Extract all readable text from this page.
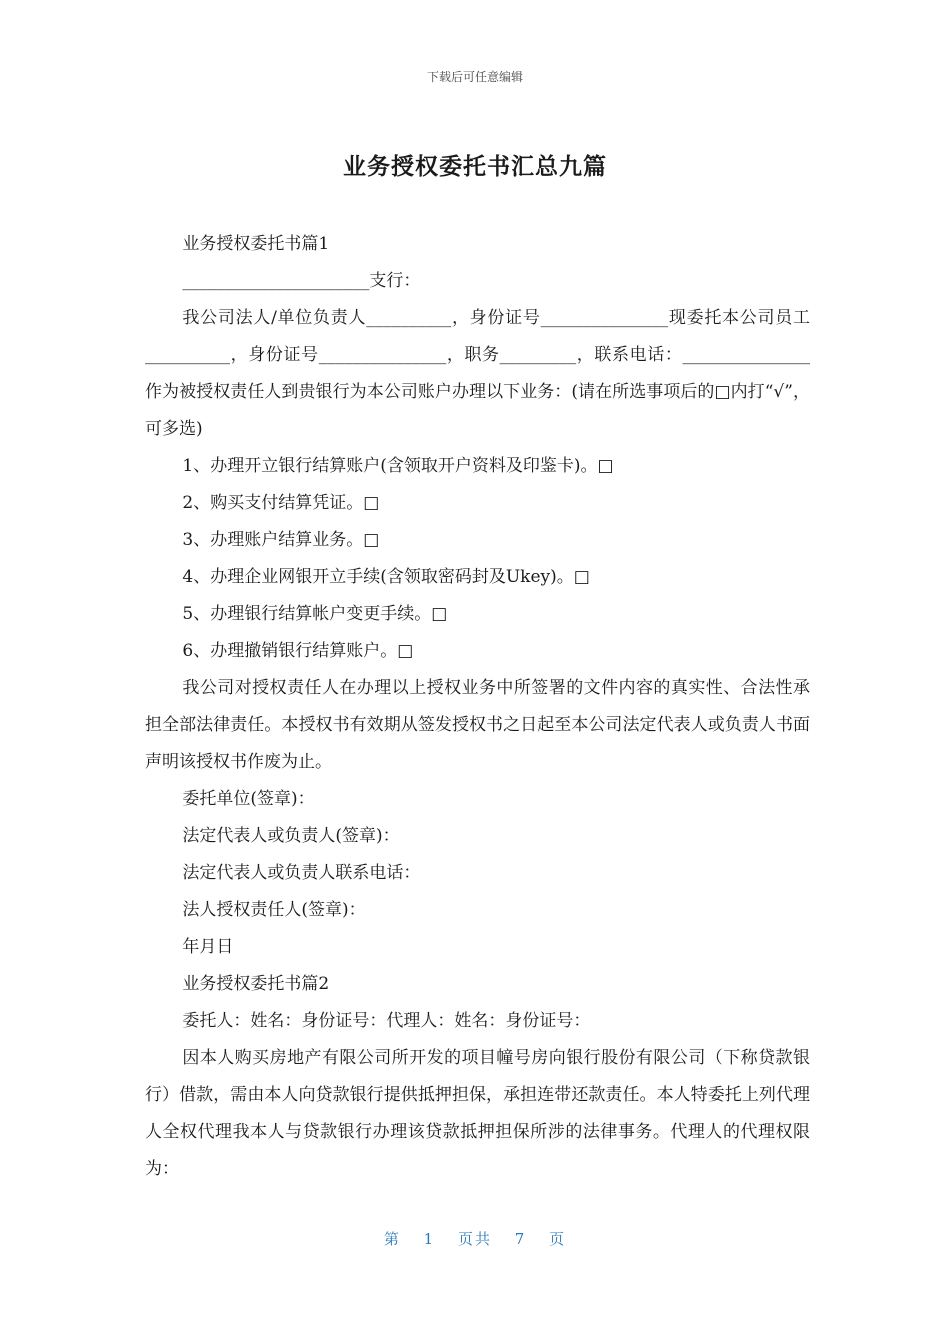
下载后可任意编辑
业务授权委托书汇总九篇

业务授权委托书篇1

______________________支行：

我公司法人/单位负责人__________，身份证号_______________现委托本公司员工__________，身份证号_______________，职务_________，联系电话：_______________作为被授权责任人到贵银行为本公司账户办理以下业务：(请在所选事项后的□内打“√”，可多选)

1、办理开立银行结算账户(含领取开户资料及印鉴卡)。□

2、购买支付结算凭证。□

3、办理账户结算业务。□

4、办理企业网银开立手续(含领取密码封及Ukey)。□

5、办理银行结算帐户变更手续。□

6、办理撤销银行结算账户。□

我公司对授权责任人在办理以上授权业务中所签署的文件内容的真实性、合法性承担全部法律责任。本授权书有效期从签发授权书之日起至本公司法定代表人或负责人书面声明该授权书作废为止。

委托单位(签章)：

法定代表人或负责人(签章)：

法定代表人或负责人联系电话：

法人授权责任人(签章)：

年月日

业务授权委托书篇2

委托人：姓名：身份证号：代理人：姓名：身份证号：

因本人购买房地产有限公司所开发的项目幢号房向银行股份有限公司（下称贷款银行）借款，需由本人向贷款银行提供抵押担保，承担连带还款责任。本人特委托上列代理人全权代理我本人与贷款银行办理该贷款抵押担保所涉的法律事务。代理人的代理权限为：

第 1 页共 7 页
